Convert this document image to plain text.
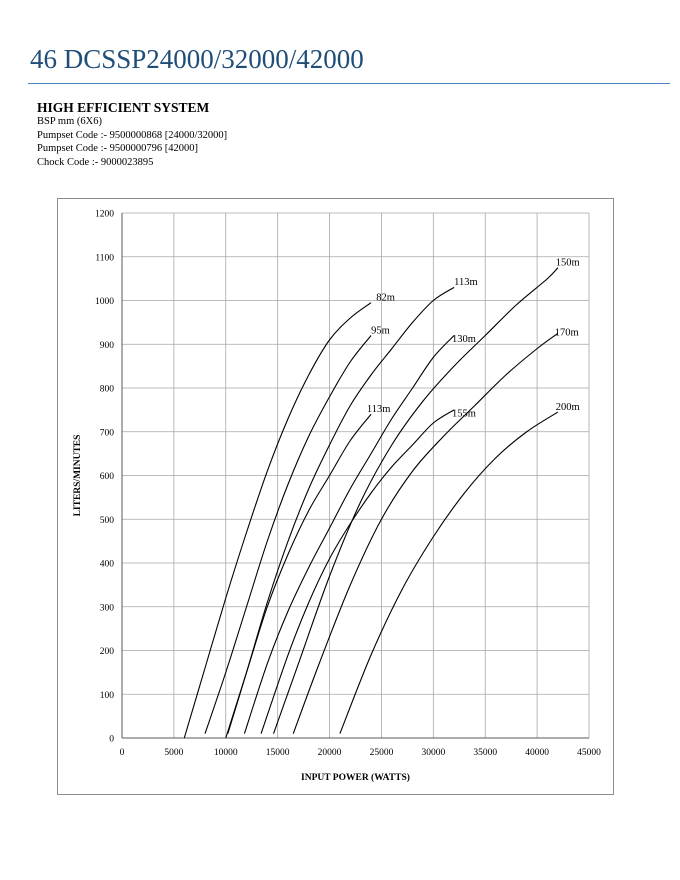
46 DCSSP24000/32000/42000
HIGH EFFICIENT SYSTEM
BSP mm (6X6)
Pumpset Code :- 9500000868 [24000/32000]
Pumpset Code :- 9500000796 [42000]
Chock Code :- 9000023895
0
100
200
300
400
500
600
700
800
900
1000
1100
1200
0	5000	10000	15000	20000	25000	30000	35000	40000	45000
INPUT POWER (WATTS)
LITERS/MINUTES
82m
95m
113m
113m
130m
155m
150m
170m
200m
